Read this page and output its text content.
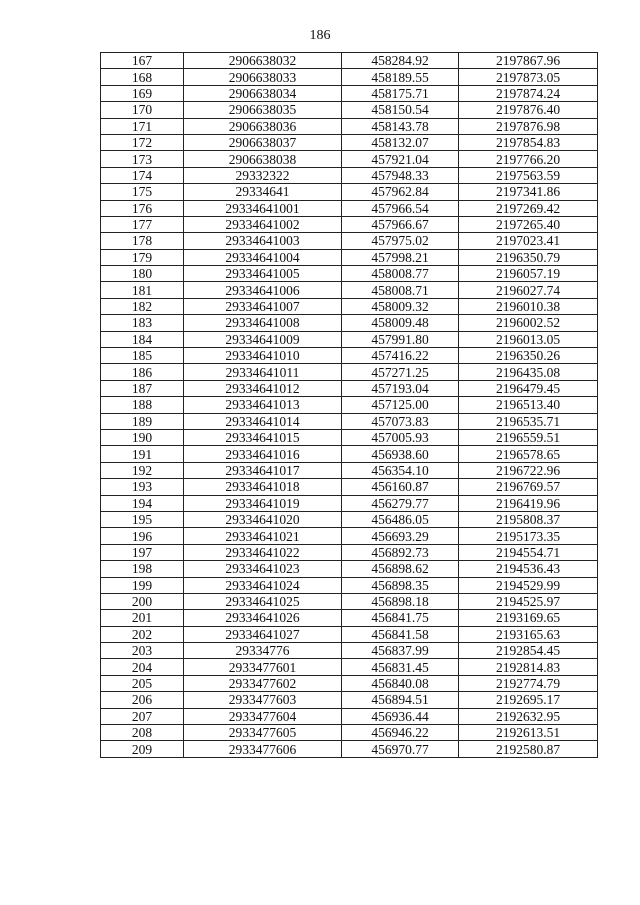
186
167	2906638032	458284.92	2197867.96
168	2906638033	458189.55	2197873.05
169	2906638034	458175.71	2197874.24
170	2906638035	458150.54	2197876.40
171	2906638036	458143.78	2197876.98
172	2906638037	458132.07	2197854.83
173	2906638038	457921.04	2197766.20
174	29332322	457948.33	2197563.59
175	29334641	457962.84	2197341.86
176	29334641001	457966.54	2197269.42
177	29334641002	457966.67	2197265.40
178	29334641003	457975.02	2197023.41
179	29334641004	457998.21	2196350.79
180	29334641005	458008.77	2196057.19
181	29334641006	458008.71	2196027.74
182	29334641007	458009.32	2196010.38
183	29334641008	458009.48	2196002.52
184	29334641009	457991.80	2196013.05
185	29334641010	457416.22	2196350.26
186	29334641011	457271.25	2196435.08
187	29334641012	457193.04	2196479.45
188	29334641013	457125.00	2196513.40
189	29334641014	457073.83	2196535.71
190	29334641015	457005.93	2196559.51
191	29334641016	456938.60	2196578.65
192	29334641017	456354.10	2196722.96
193	29334641018	456160.87	2196769.57
194	29334641019	456279.77	2196419.96
195	29334641020	456486.05	2195808.37
196	29334641021	456693.29	2195173.35
197	29334641022	456892.73	2194554.71
198	29334641023	456898.62	2194536.43
199	29334641024	456898.35	2194529.99
200	29334641025	456898.18	2194525.97
201	29334641026	456841.75	2193169.65
202	29334641027	456841.58	2193165.63
203	29334776	456837.99	2192854.45
204	2933477601	456831.45	2192814.83
205	2933477602	456840.08	2192774.79
206	2933477603	456894.51	2192695.17
207	2933477604	456936.44	2192632.95
208	2933477605	456946.22	2192613.51
209	2933477606	456970.77	2192580.87
